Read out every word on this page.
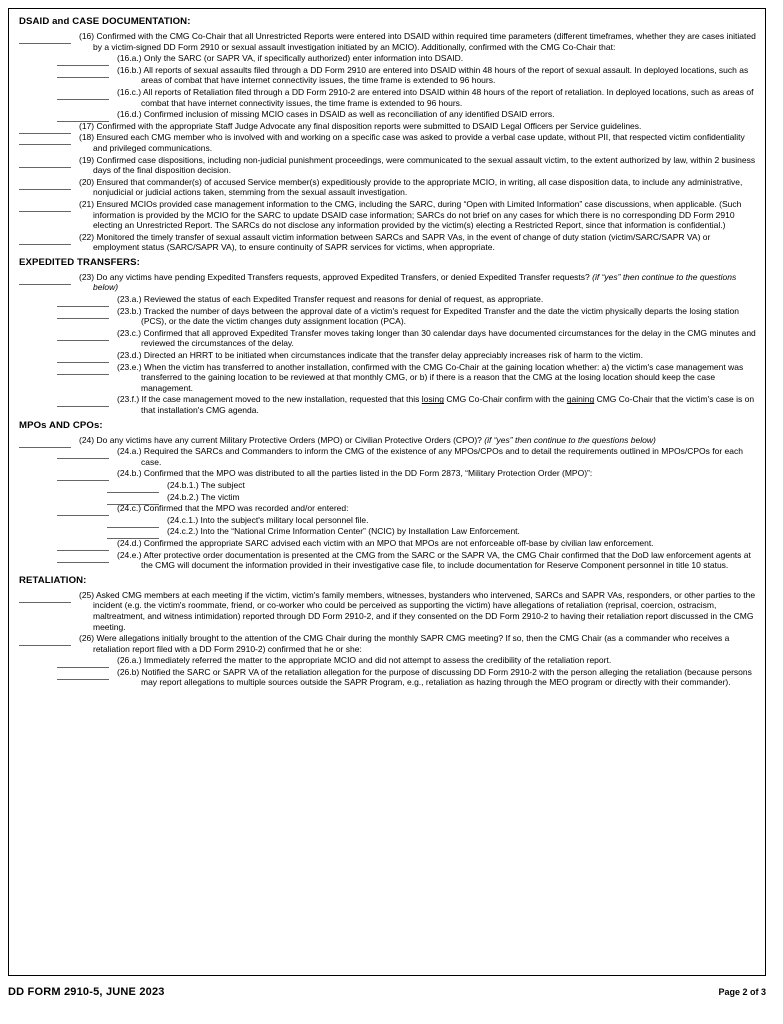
DSAID and CASE DOCUMENTATION:
(16) Confirmed with the CMG Co-Chair that all Unrestricted Reports were entered into DSAID within required time parameters (different timeframes, whether they are cases initiated by a victim-signed DD Form 2910 or sexual assault investigation initiated by an MCIO). Additionally, confirmed with the CMG Co-Chair that:
(16.a.) Only the SARC (or SAPR VA, if specifically authorized) enter information into DSAID.
(16.b.) All reports of sexual assaults filed through a DD Form 2910 are entered into DSAID within 48 hours of the report of sexual assault. In deployed locations, such as areas of combat that have internet connectivity issues, the time frame is extended to 96 hours.
(16.c.) All reports of Retaliation filed through a DD Form 2910-2 are entered into DSAID within 48 hours of the report of retaliation. In deployed locations, such as areas of combat that have internet connectivity issues, the time frame is extended to 96 hours.
(16.d.) Confirmed inclusion of missing MCIO cases in DSAID as well as reconciliation of any identified DSAID errors.
(17) Confirmed with the appropriate Staff Judge Advocate any final disposition reports were submitted to DSAID Legal Officers per Service guidelines.
(18) Ensured each CMG member who is involved with and working on a specific case was asked to provide a verbal case update, without PII, that respected victim confidentiality and privileged communications.
(19) Confirmed case dispositions, including non-judicial punishment proceedings, were communicated to the sexual assault victim, to the extent authorized by law, within 2 business days of the final disposition decision.
(20) Ensured that commander(s) of accused Service member(s) expeditiously provide to the appropriate MCIO, in writing, all case disposition data, to include any administrative, nonjudicial or judicial actions taken, stemming from the sexual assault investigation.
(21) Ensured MCIOs provided case management information to the CMG, including the SARC, during “Open with Limited Information” case discussions, when applicable. (Such information is provided by the MCIO for the SARC to update DSAID case information; SARCs do not brief on any cases for which there is no corresponding DD Form 2910 electing an Unrestricted Report. The SARCs do not disclose any information provided by the victim(s) electing a Restricted Report, since that information is confidential.)
(22) Monitored the timely transfer of sexual assault victim information between SARCs and SAPR VAs, in the event of change of duty station (victim/SARC/SAPR VA) or employment status (SARC/SAPR VA), to ensure continuity of SAPR services for victims, when appropriate.
EXPEDITED TRANSFERS:
(23) Do any victims have pending Expedited Transfers requests, approved Expedited Transfers, or denied Expedited Transfer requests? (if “yes” then continue to the questions below)
(23.a.) Reviewed the status of each Expedited Transfer request and reasons for denial of request, as appropriate.
(23.b.) Tracked the number of days between the approval date of a victim's request for Expedited Transfer and the date the victim physically departs the losing station (PCS), or the date the victim changes duty assignment location (PCA).
(23.c.) Confirmed that all approved Expedited Transfer moves taking longer than 30 calendar days have documented circumstances for the delay in the CMG minutes and reviewed the circumstances of the delay.
(23.d.) Directed an HRRT to be initiated when circumstances indicate that the transfer delay appreciably increases risk of harm to the victim.
(23.e.) When the victim has transferred to another installation, confirmed with the CMG Co-Chair at the gaining location whether: a) the victim's case management was transferred to the gaining location to be reviewed at that monthly CMG, or b) if there is a reason that the CMG at the losing location should keep the case management.
(23.f.) If the case management moved to the new installation, requested that this losing CMG Co-Chair confirm with the gaining CMG Co-Chair that the victim's case is on that installation's CMG agenda.
MPOs AND CPOs:
(24) Do any victims have any current Military Protective Orders (MPO) or Civilian Protective Orders (CPO)? (if “yes” then continue to the questions below)
(24.a.) Required the SARCs and Commanders to inform the CMG of the existence of any MPOs/CPOs and to detail the requirements outlined in MPOs/CPOs for each case.
(24.b.) Confirmed that the MPO was distributed to all the parties listed in the DD Form 2873, “Military Protection Order (MPO)”:
(24.b.1.) The subject
(24.b.2.) The victim
(24.c.) Confirmed that the MPO was recorded and/or entered:
(24.c.1.) Into the subject's military local personnel file.
(24.c.2.) Into the “National Crime Information Center” (NCIC) by Installation Law Enforcement.
(24.d.) Confirmed the appropriate SARC advised each victim with an MPO that MPOs are not enforceable off-base by civilian law enforcement.
(24.e.) After protective order documentation is presented at the CMG from the SARC or the SAPR VA, the CMG Chair confirmed that the DoD law enforcement agents at the CMG will document the information provided in their investigative case file, to include documentation for Reserve Component personnel in title 10 status.
RETALIATION:
(25) Asked CMG members at each meeting if the victim, victim's family members, witnesses, bystanders who intervened, SARCs and SAPR VAs, responders, or other parties to the incident (e.g. the victim's roommate, friend, or co-worker who could be perceived as supporting the victim) have allegations of retaliation (reprisal, coercion, ostracism, maltreatment, and witness intimidation) reported through DD Form 2910-2, and if they consented on the DD Form 2910-2 to having their retaliation report discussed in the CMG meeting.
(26) Were allegations initially brought to the attention of the CMG Chair during the monthly SAPR CMG meeting? If so, then the CMG Chair (as a commander who receives a retaliation report filed with a DD Form 2910-2) confirmed that he or she:
(26.a.) Immediately referred the matter to the appropriate MCIO and did not attempt to assess the credibility of the retaliation report.
(26.b) Notified the SARC or SAPR VA of the retaliation allegation for the purpose of discussing DD Form 2910-2 with the person alleging the retaliation (because persons may report allegations to multiple sources outside the SAPR Program, e.g., retaliation as hazing through the MEO program or directly with their commander).
DD FORM 2910-5, JUNE 2023	Page 2 of 3
